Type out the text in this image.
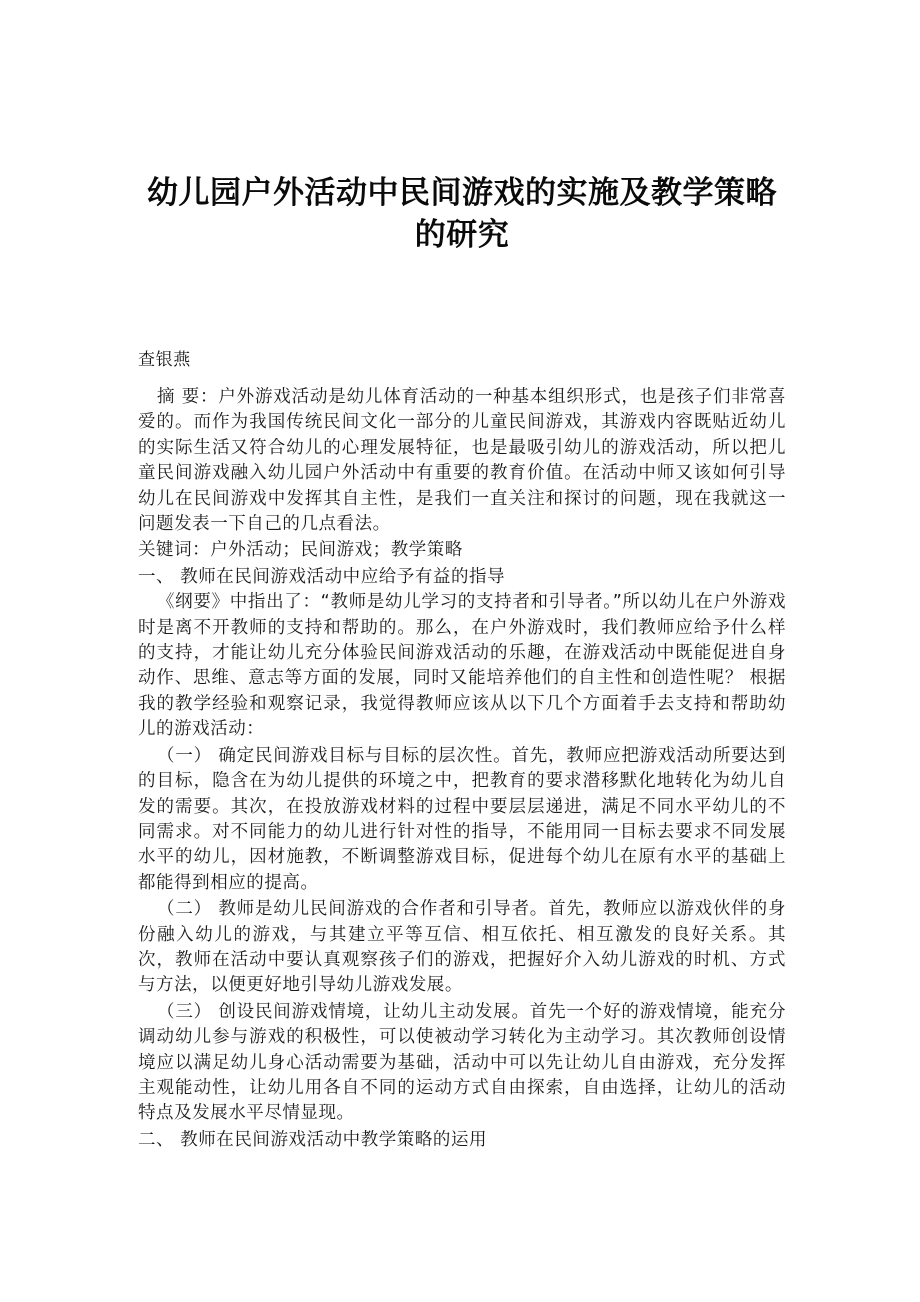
幼儿园户外活动中民间游戏的实施及教学策略的研究

查银燕

摘 要：户外游戏活动是幼儿体育活动的一种基本组织形式，也是孩子们非常喜爱的。而作为我国传统民间文化一部分的儿童民间游戏，其游戏内容既贴近幼儿的实际生活又符合幼儿的心理发展特征，也是最吸引幼儿的游戏活动，所以把儿童民间游戏融入幼儿园户外活动中有重要的教育价值。在活动中师又该如何引导幼儿在民间游戏中发挥其自主性，是我们一直关注和探讨的问题，现在我就这一问题发表一下自己的几点看法。

关键词：户外活动；民间游戏；教学策略

一、 教师在民间游戏活动中应给予有益的指导

《纲要》中指出了：“教师是幼儿学习的支持者和引导者。”所以幼儿在户外游戏时是离不开教师的支持和帮助的。那么，在户外游戏时，我们教师应给予什么样的支持，才能让幼儿充分体验民间游戏活动的乐趣，在游戏活动中既能促进自身动作、思维、意志等方面的发展，同时又能培养他们的自主性和创造性呢？ 根据我的教学经验和观察记录，我觉得教师应该从以下几个方面着手去支持和帮助幼儿的游戏活动：

（一） 确定民间游戏目标与目标的层次性。首先，教师应把游戏活动所要达到的目标，隐含在为幼儿提供的环境之中，把教育的要求潜移默化地转化为幼儿自发的需要。其次，在投放游戏材料的过程中要层层递进，满足不同水平幼儿的不同需求。对不同能力的幼儿进行针对性的指导，不能用同一目标去要求不同发展水平的幼儿，因材施教，不断调整游戏目标，促进每个幼儿在原有水平的基础上都能得到相应的提高。

（二） 教师是幼儿民间游戏的合作者和引导者。首先，教师应以游戏伙伴的身份融入幼儿的游戏，与其建立平等互信、相互依托、相互激发的良好关系。其次，教师在活动中要认真观察孩子们的游戏，把握好介入幼儿游戏的时机、方式与方法，以便更好地引导幼儿游戏发展。

（三） 创设民间游戏情境，让幼儿主动发展。首先一个好的游戏情境，能充分调动幼儿参与游戏的积极性，可以使被动学习转化为主动学习。其次教师创设情境应以满足幼儿身心活动需要为基础，活动中可以先让幼儿自由游戏，充分发挥主观能动性，让幼儿用各自不同的运动方式自由探索，自由选择，让幼儿的活动特点及发展水平尽情显现。

二、 教师在民间游戏活动中教学策略的运用
